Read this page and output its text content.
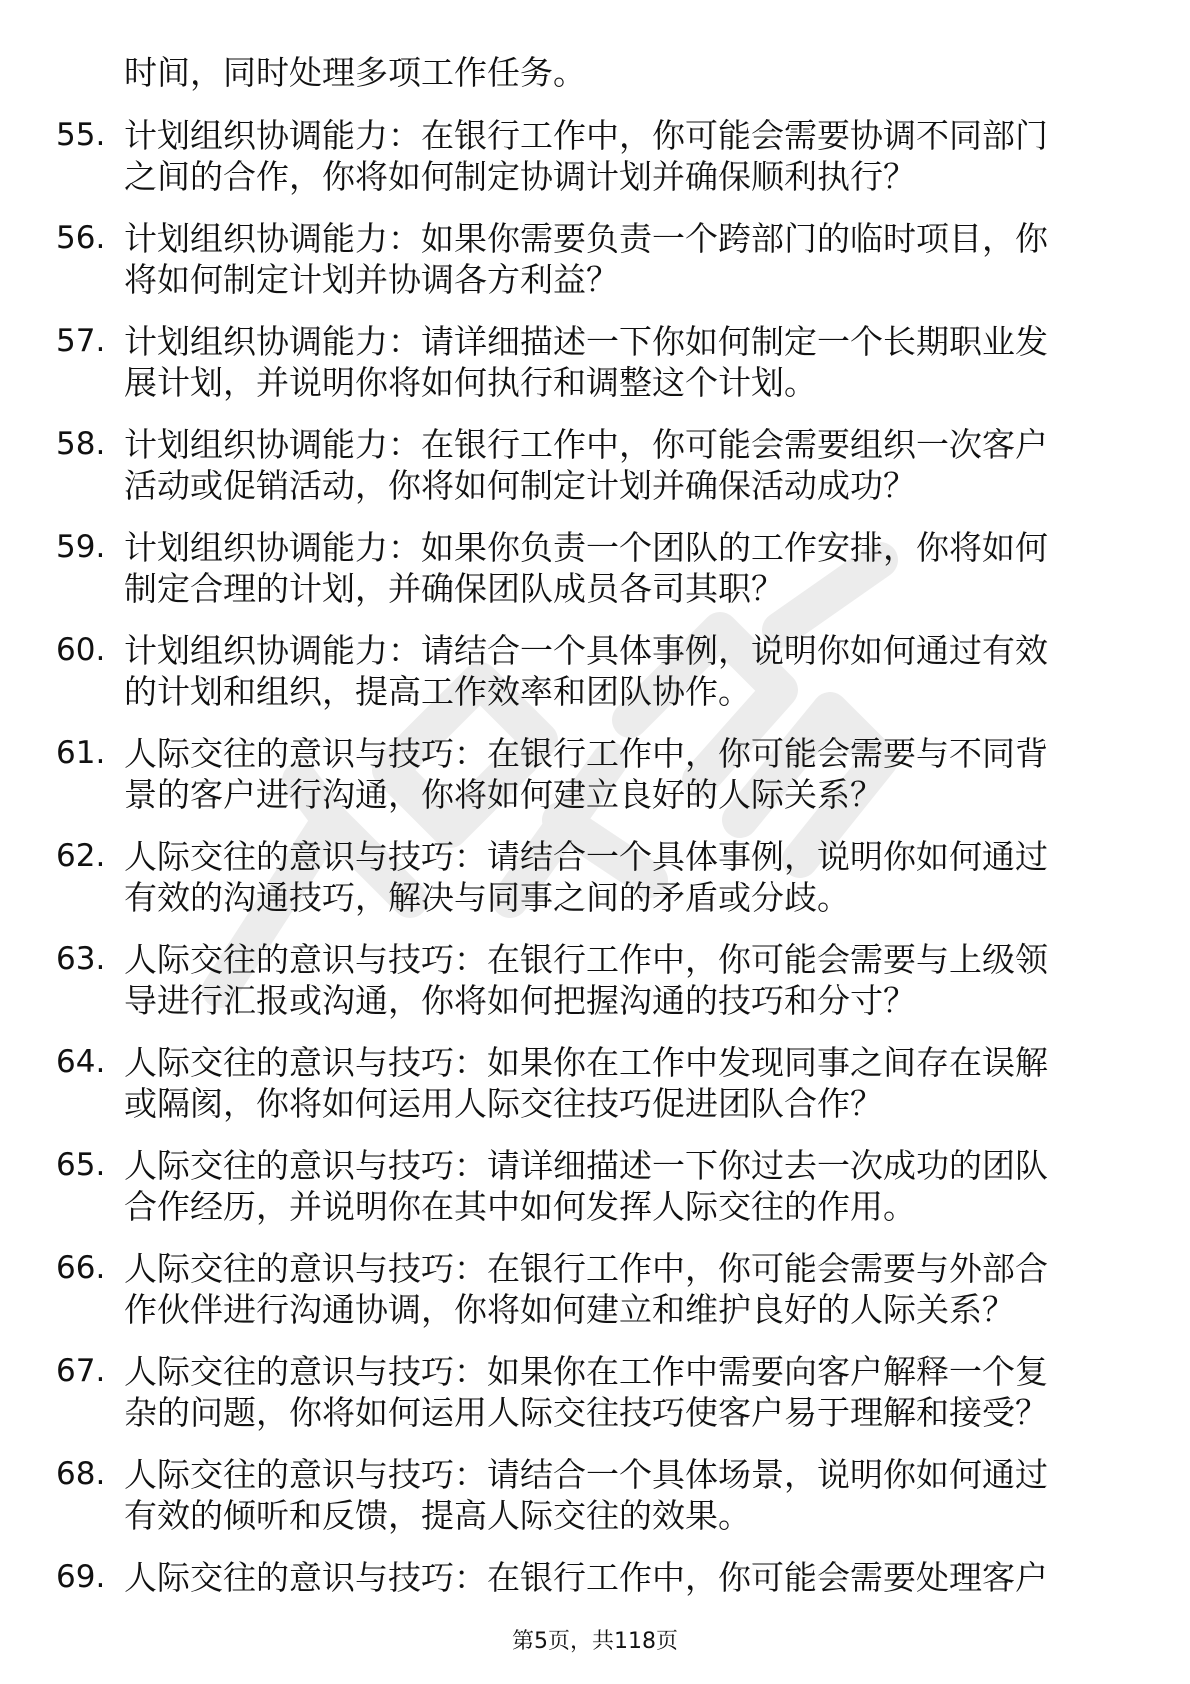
时间，同时处理多项工作任务。
55. 计划组织协调能力：在银行工作中，你可能会需要协调不同部门
之间的合作，你将如何制定协调计划并确保顺利执行？
56. 计划组织协调能力：如果你需要负责一个跨部门的临时项目，你
将如何制定计划并协调各方利益？
57. 计划组织协调能力：请详细描述一下你如何制定一个长期职业发
展计划，并说明你将如何执行和调整这个计划。
58. 计划组织协调能力：在银行工作中，你可能会需要组织一次客户
活动或促销活动，你将如何制定计划并确保活动成功？
59. 计划组织协调能力：如果你负责一个团队的工作安排，你将如何
制定合理的计划，并确保团队成员各司其职？
60. 计划组织协调能力：请结合一个具体事例，说明你如何通过有效
的计划和组织，提高工作效率和团队协作。
61. 人际交往的意识与技巧：在银行工作中，你可能会需要与不同背
景的客户进行沟通，你将如何建立良好的人际关系？
62. 人际交往的意识与技巧：请结合一个具体事例，说明你如何通过
有效的沟通技巧，解决与同事之间的矛盾或分歧。
63. 人际交往的意识与技巧：在银行工作中，你可能会需要与上级领
导进行汇报或沟通，你将如何把握沟通的技巧和分寸？
64. 人际交往的意识与技巧：如果你在工作中发现同事之间存在误解
或隔阂，你将如何运用人际交往技巧促进团队合作？
65. 人际交往的意识与技巧：请详细描述一下你过去一次成功的团队
合作经历，并说明你在其中如何发挥人际交往的作用。
66. 人际交往的意识与技巧：在银行工作中，你可能会需要与外部合
作伙伴进行沟通协调，你将如何建立和维护良好的人际关系？
67. 人际交往的意识与技巧：如果你在工作中需要向客户解释一个复
杂的问题，你将如何运用人际交往技巧使客户易于理解和接受？
68. 人际交往的意识与技巧：请结合一个具体场景，说明你如何通过
有效的倾听和反馈，提高人际交往的效果。
69. 人际交往的意识与技巧：在银行工作中，你可能会需要处理客户
第5页，共118页
